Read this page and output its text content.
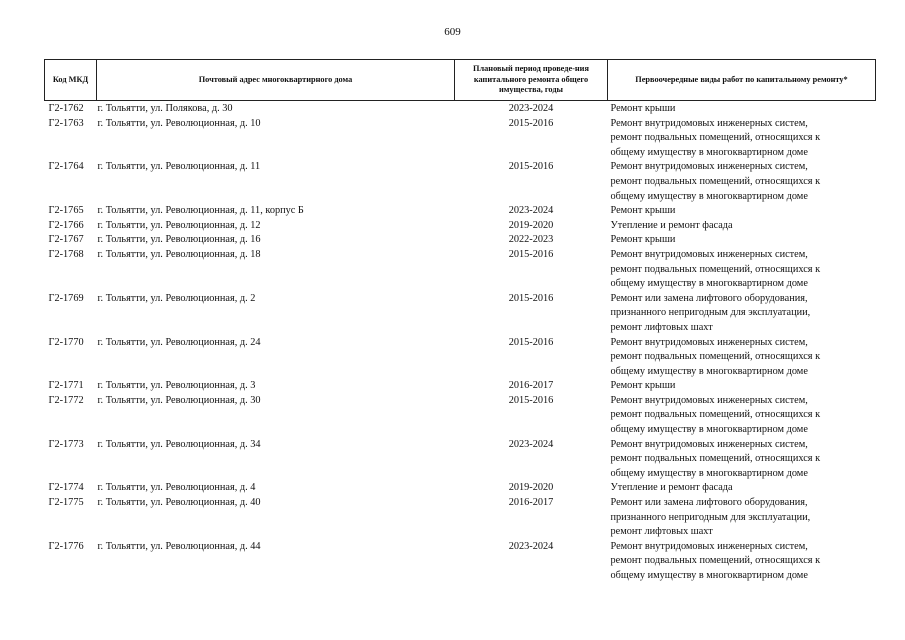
609
Код МКД	Почтовый адрес многоквартирного дома	Плановый период проведе-ния капитального ремонта общего имущества, годы	Первоочередные виды работ по капитальному ремонту*
Г2-1762	г. Тольятти, ул. Полякова, д. 30	2023-2024	Ремонт крыши

Г2-1763	г. Тольятти, ул. Революционная, д. 10	2015-2016	Ремонт внутридомовых инженерных систем,
ремонт подвальных помещений, относящихся к
общему имуществу в многоквартирном доме

Г2-1764	г. Тольятти, ул. Революционная, д. 11	2015-2016	Ремонт внутридомовых инженерных систем,
ремонт подвальных помещений, относящихся к
общему имуществу в многоквартирном доме

Г2-1765	г. Тольятти, ул. Революционная, д. 11, корпус Б	2023-2024	Ремонт крыши

Г2-1766	г. Тольятти, ул. Революционная, д. 12	2019-2020	Утепление и ремонт фасада

Г2-1767	г. Тольятти, ул. Революционная, д. 16	2022-2023	Ремонт крыши

Г2-1768	г. Тольятти, ул. Революционная, д. 18	2015-2016	Ремонт внутридомовых инженерных систем,
ремонт подвальных помещений, относящихся к
общему имуществу в многоквартирном доме

Г2-1769	г. Тольятти, ул. Революционная, д. 2	2015-2016	Ремонт или замена лифтового оборудования,
признанного непригодным для эксплуатации,
ремонт лифтовых шахт

Г2-1770	г. Тольятти, ул. Революционная, д. 24	2015-2016	Ремонт внутридомовых инженерных систем,
ремонт подвальных помещений, относящихся к
общему имуществу в многоквартирном доме

Г2-1771	г. Тольятти, ул. Революционная, д. 3	2016-2017	Ремонт крыши

Г2-1772	г. Тольятти, ул. Революционная, д. 30	2015-2016	Ремонт внутридомовых инженерных систем,
ремонт подвальных помещений, относящихся к
общему имуществу в многоквартирном доме

Г2-1773	г. Тольятти, ул. Революционная, д. 34	2023-2024	Ремонт внутридомовых инженерных систем,
ремонт подвальных помещений, относящихся к
общему имуществу в многоквартирном доме

Г2-1774	г. Тольятти, ул. Революционная, д. 4	2019-2020	Утепление и ремонт фасада

Г2-1775	г. Тольятти, ул. Революционная, д. 40	2016-2017	Ремонт или замена лифтового оборудования,
признанного непригодным для эксплуатации,
ремонт лифтовых шахт

Г2-1776	г. Тольятти, ул. Революционная, д. 44	2023-2024	Ремонт внутридомовых инженерных систем,
ремонт подвальных помещений, относящихся к
общему имуществу в многоквартирном доме
